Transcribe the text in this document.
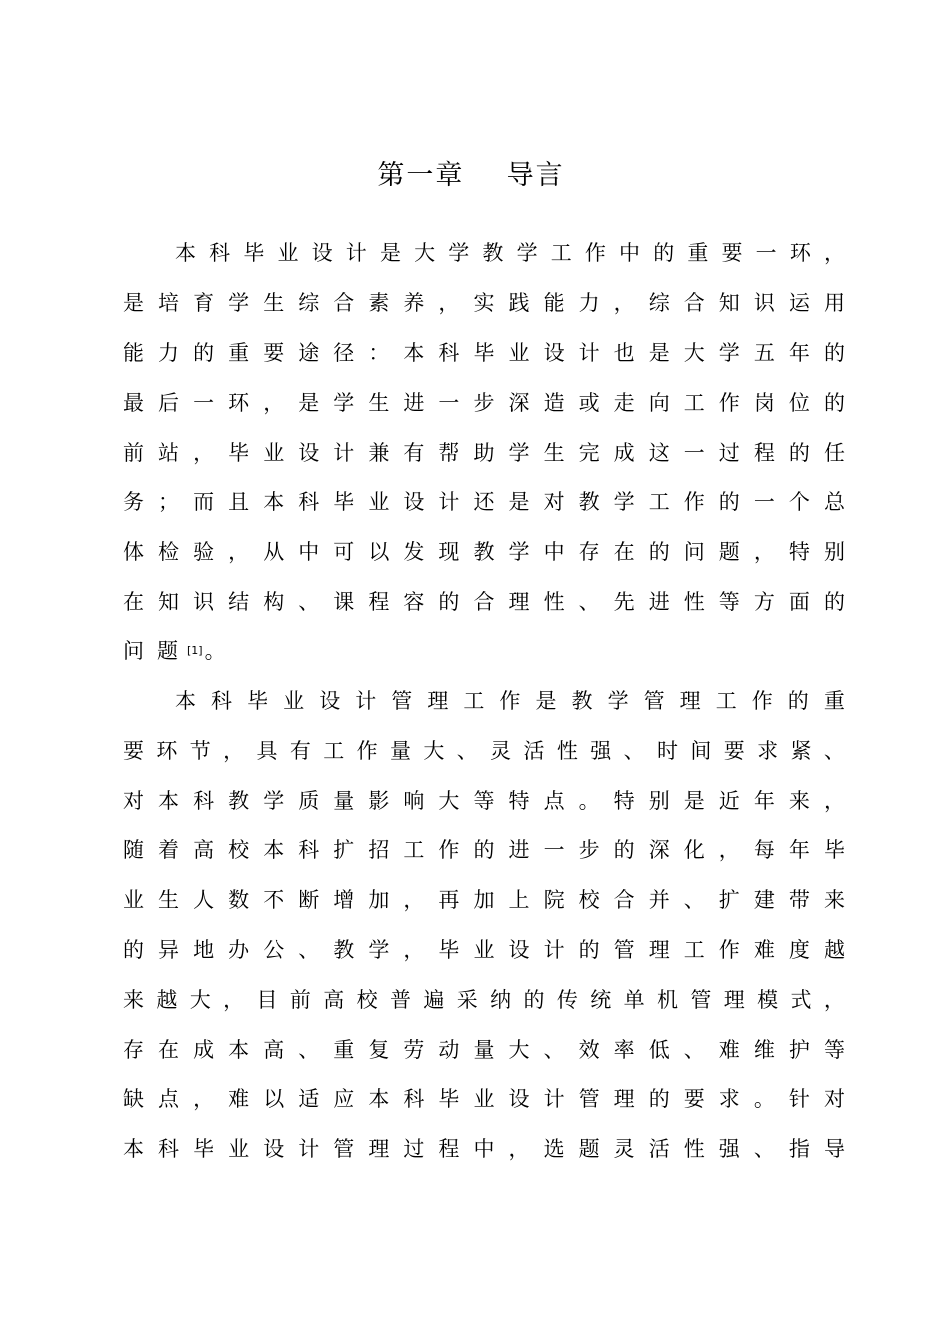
第一章    导言
本 科 毕 业 设 计 是 大 学 教 学 工 作 中 的 重 要 一 环 ，
是 培 育 学 生 综 合 素 养 ， 实 践 能 力 ， 综 合 知 识 运 用
能 力 的 重 要 途 径 ： 本 科 毕 业 设 计 也 是 大 学 五 年 的
最 后 一 环 ， 是 学 生 进 一 步 深 造 或 走 向 工 作 岗 位 的
前 站 ， 毕 业 设 计 兼 有 帮 助 学 生 完 成 这 一 过 程 的 任
务 ； 而 且 本 科 毕 业 设 计 还 是 对 教 学 工 作 的 一 个 总
体 检 验 ， 从 中 可 以 发 现 教 学 中 存 在 的 问 题 ， 特 别
在 知 识 结 构 、 课 程 容 的 合 理 性 、 先 进 性 等 方 面 的
问 题 [1] 。
本 科 毕 业 设 计 管 理 工 作 是 教 学 管 理 工 作 的 重
要 环 节 ， 具 有 工 作 量 大 、 灵 活 性 强 、 时 间 要 求 紧 、
对 本 科 教 学 质 量 影 响 大 等 特 点 。 特 别 是 近 年 来 ，
随 着 高 校 本 科 扩 招 工 作 的 进 一 步 的 深 化 ， 每 年 毕
业 生 人 数 不 断 增 加 ， 再 加 上 院 校 合 并 、 扩 建 带 来
的 异 地 办 公 、 教 学 ， 毕 业 设 计 的 管 理 工 作 难 度 越
来 越 大 ， 目 前 高 校 普 遍 采 纳 的 传 统 单 机 管 理 模 式 ，
存 在 成 本 高 、 重 复 劳 动 量 大 、 效 率 低 、 难 维 护 等
缺 点 ， 难 以 适 应 本 科 毕 业 设 计 管 理 的 要 求 。 针 对
本 科 毕 业 设 计 管 理 过 程 中 ， 选 题 灵 活 性 强 、 指 导
